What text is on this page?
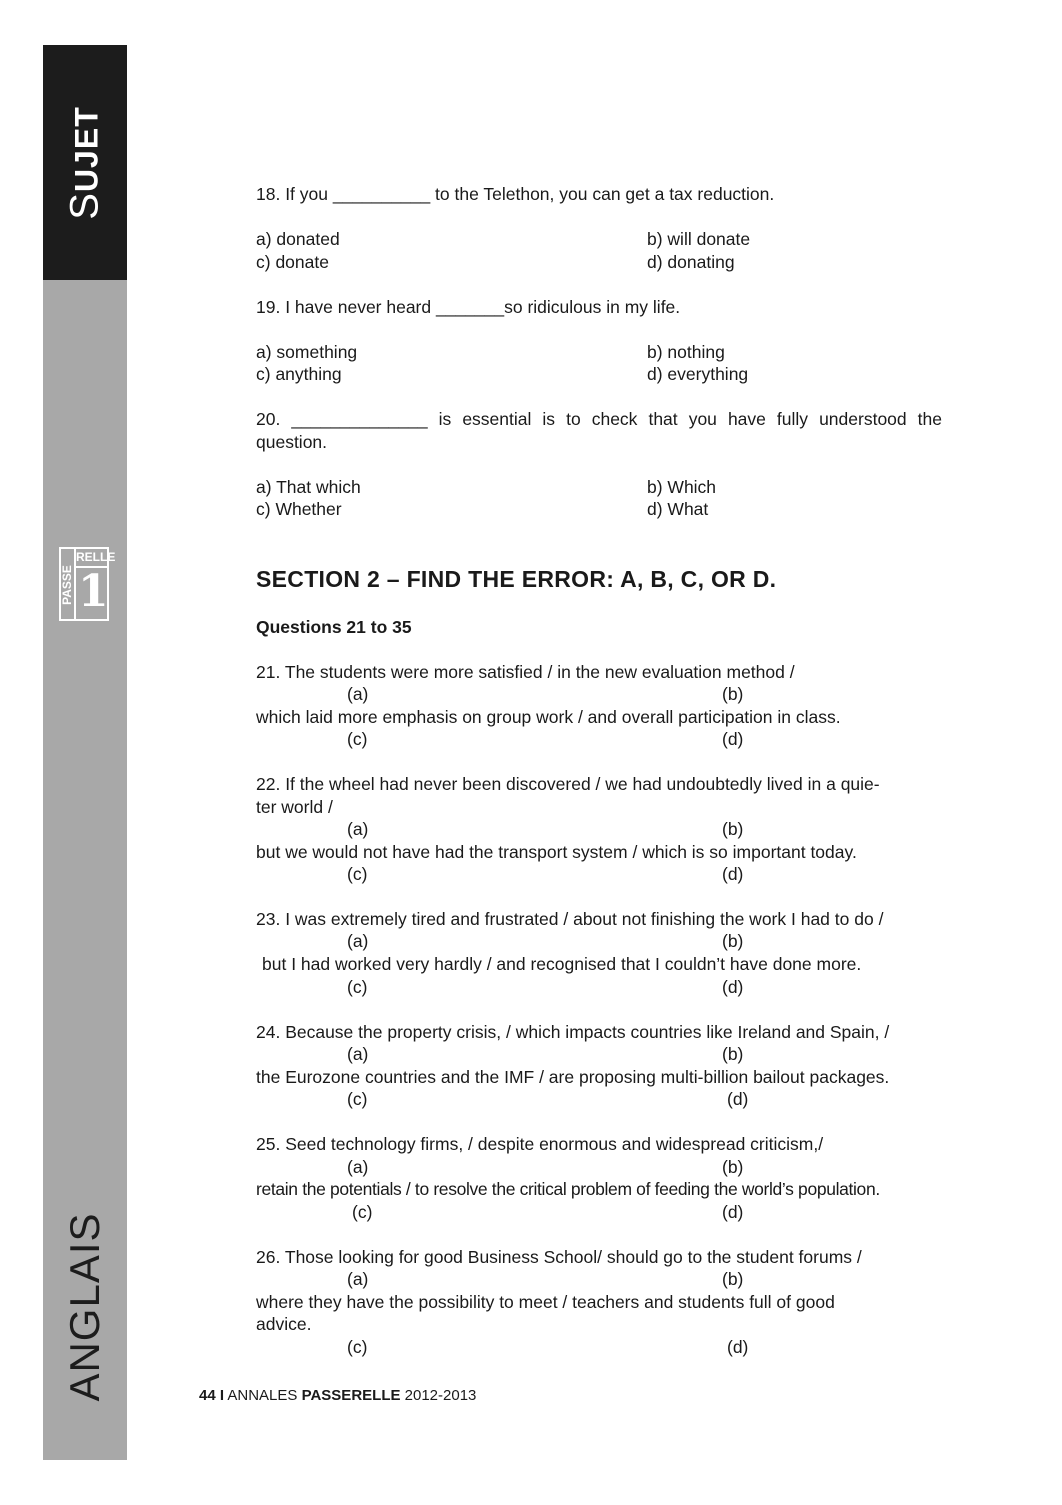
SUJET
RELLE
PASSE 1
ANGLAIS
18. If you __________ to the Telethon, you can get a tax reduction.
a) donated	b) will donate
c) donate	d) donating
19. I have never heard _______so ridiculous in my life.
a) something	b) nothing
c) anything	d) everything
20. ______________ is essential is to check that you have fully understood the question.
a) That which	b) Which
c) Whether	d) What
SECTION 2 – FIND THE ERROR: A, B, C, OR D.
Questions 21 to 35
21. The students were more satisfied / in the new evaluation method /
(a)	(b)
which laid more emphasis on group work / and overall participation in class.
(c)	(d)
22. If the wheel had never been discovered / we had undoubtedly lived in a quie-
ter world /
(a)	(b)
but we would not have had the transport system / which is so important today.
(c)	(d)
23. I was extremely tired and frustrated / about not finishing the work I had to do /
(a)	(b)
but I had worked very hardly / and recognised that I couldn’t have done more.
(c)	(d)
24. Because the property crisis, / which impacts countries like Ireland and Spain, /
(a)	(b)
the Eurozone countries and the IMF / are proposing multi-billion bailout packages.
(c)	(d)
25. Seed technology firms, / despite enormous and widespread criticism,/
(a)	(b)
retain the potentials / to resolve the critical problem of feeding the world’s population.
(c)	(d)
26. Those looking for good Business School/ should go to the student forums /
(a)	(b)
where they have the possibility to meet / teachers and students full of good
advice.
(c)	(d)
44 I ANNALES PASSERELLE 2012-2013
